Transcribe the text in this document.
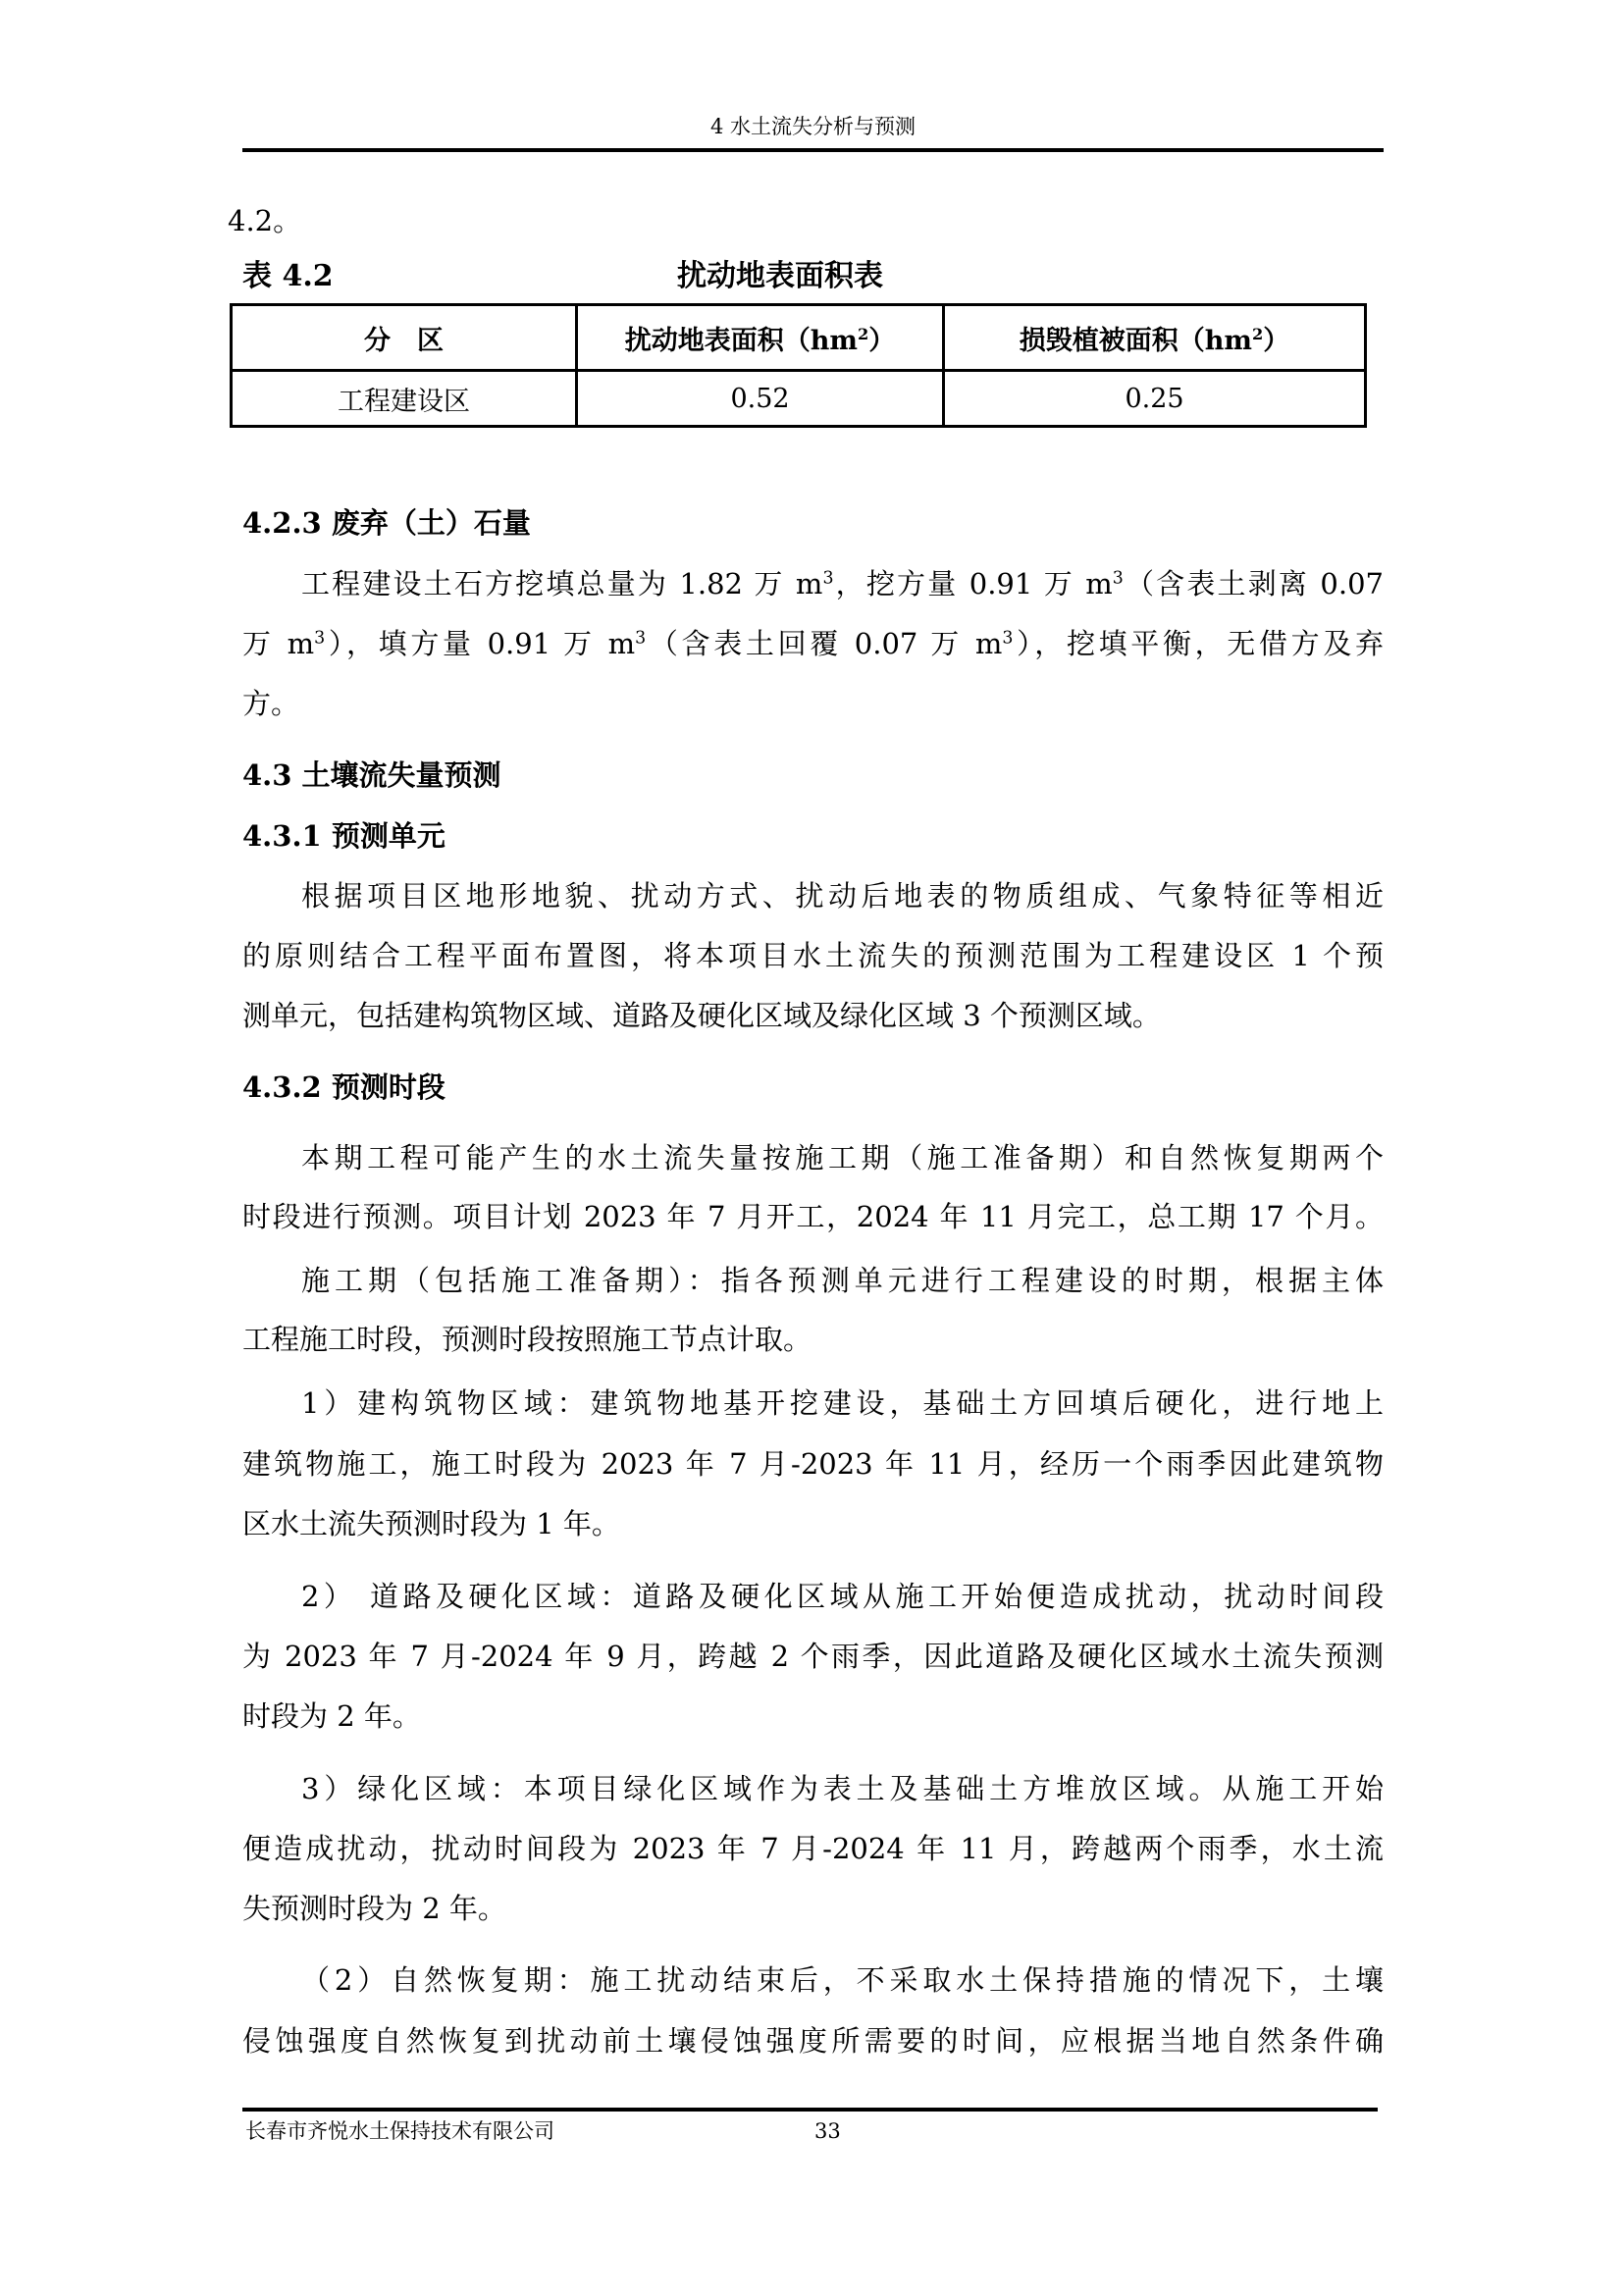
4 水土流失分析与预测
4.2。
表 4.2	扰动地表面积表
分　区	扰动地表面积$(hm^2)$	损毁植被面积$(hm^2)$
工程建设区	0.52	0.25
4.2.3 废弃（土）石量
工程建设土石方挖填总量为 1.82 万 $m^3$，挖方量 0.91 万 $m^3$（含表土剥离 0.07
万 $m^3$），填方量 0.91 万 $m^3$（含表土回覆 0.07 万 $m^3$），挖填平衡，无借方及弃
方。
4.3 土壤流失量预测
4.3.1 预测单元
根据项目区地形地貌、扰动方式、扰动后地表的物质组成、气象特征等相近
的原则结合工程平面布置图，将本项目水土流失的预测范围为工程建设区 1 个预
测单元，包括建构筑物区域、道路及硬化区域及绿化区域 3 个预测区域。
4.3.2 预测时段
本期工程可能产生的水土流失量按施工期（施工准备期）和自然恢复期两个
时段进行预测。项目计划 2023 年 7 月开工，2024 年 11 月完工，总工期 17 个月。
施工期（包括施工准备期）：指各预测单元进行工程建设的时期，根据主体
工程施工时段，预测时段按照施工节点计取。
1）建构筑物区域：建筑物地基开挖建设，基础土方回填后硬化，进行地上
建筑物施工，施工时段为 2023 年 7 月-2023 年 11 月，经历一个雨季因此建筑物
区水土流失预测时段为 1 年。
2） 道路及硬化区域：道路及硬化区域从施工开始便造成扰动，扰动时间段
为 2023 年 7 月-2024 年 9 月，跨越 2 个雨季，因此道路及硬化区域水土流失预测
时段为 2 年。
3）绿化区域：本项目绿化区域作为表土及基础土方堆放区域。从施工开始
便造成扰动，扰动时间段为 2023 年 7 月-2024 年 11 月，跨越两个雨季，水土流
失预测时段为 2 年。
（2）自然恢复期：施工扰动结束后，不采取水土保持措施的情况下，土壤
侵蚀强度自然恢复到扰动前土壤侵蚀强度所需要的时间，应根据当地自然条件确
长春市齐悦水土保持技术有限公司	33
